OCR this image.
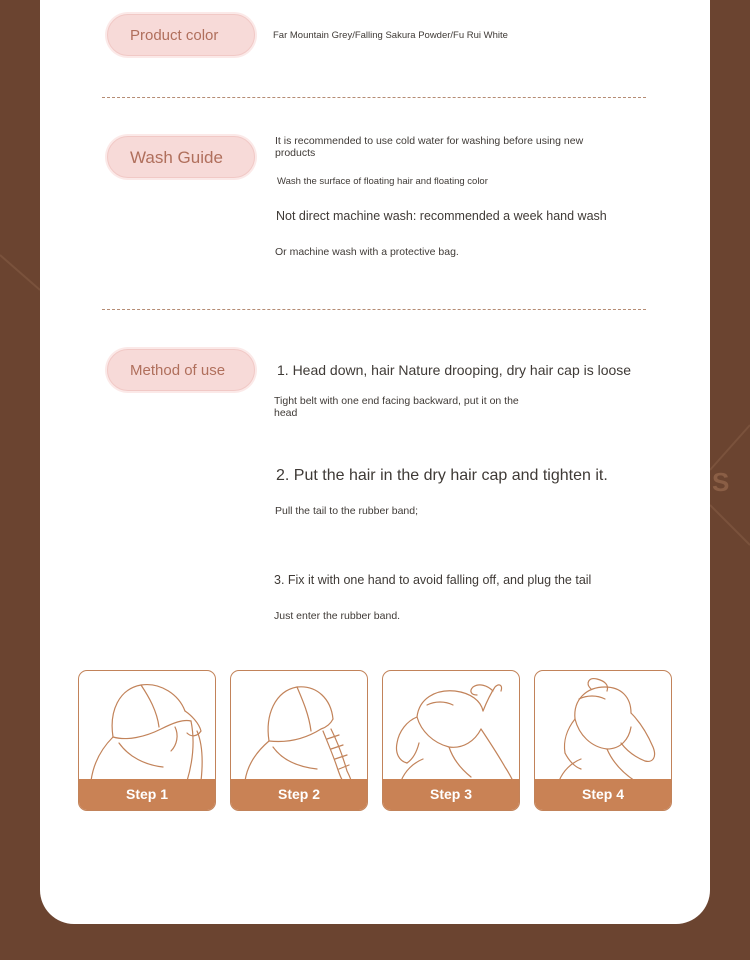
S
Product color	Far Mountain Grey/Falling Sakura Powder/Fu Rui White
Wash Guide
It is recommended to use cold water for washing before using new products
Wash the surface of floating hair and floating color
Not direct machine wash: recommended a week hand wash
Or machine wash with a protective bag.
Method of use	1. Head down, hair Nature drooping, dry hair cap is loose
Tight belt with one end facing backward, put it on the head
2. Put the hair in the dry hair cap and tighten it.
Pull the tail to the rubber band;
3. Fix it with one hand to avoid falling off, and plug the tail
Just enter the rubber band.
Step 1	Step 2	Step 3	Step 4
